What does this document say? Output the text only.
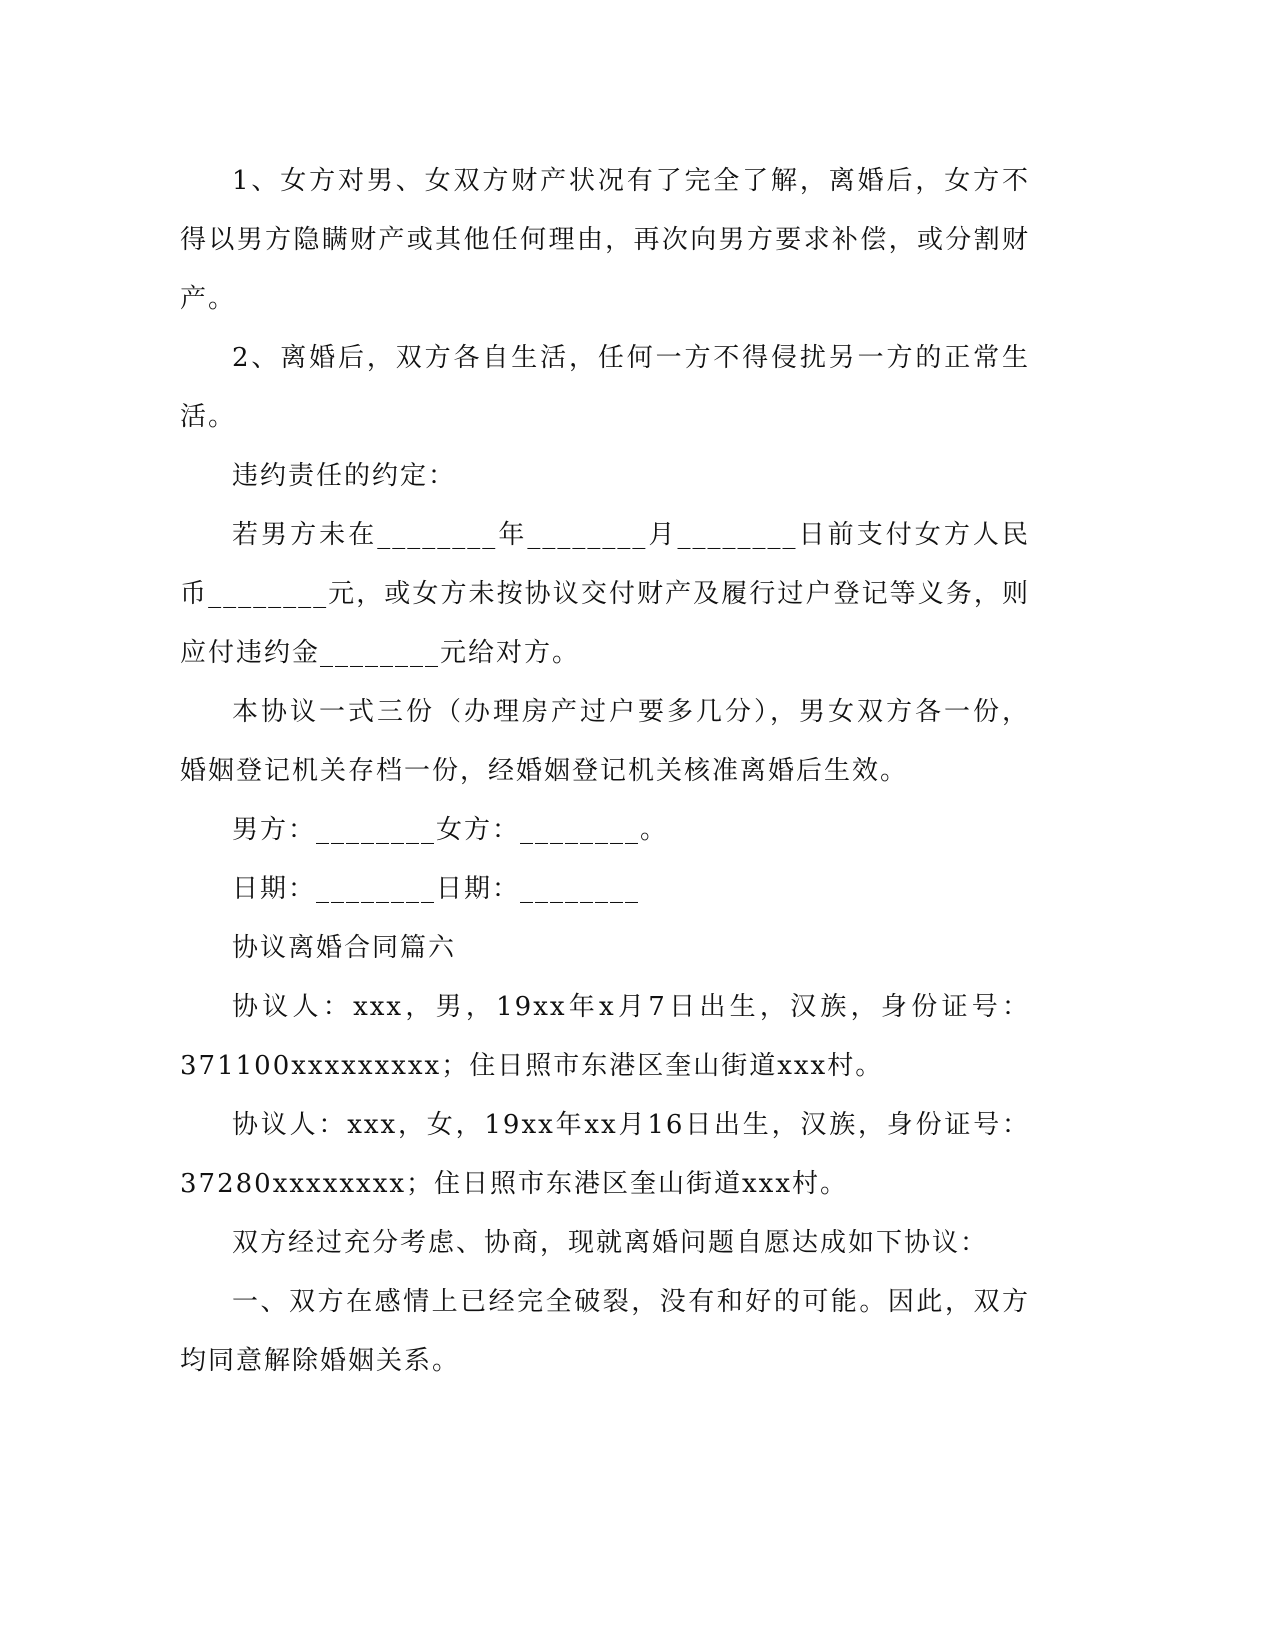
1、女方对男、女双方财产状况有了完全了解，离婚后，女方不得以男方隐瞒财产或其他任何理由，再次向男方要求补偿，或分割财产。

2、离婚后，双方各自生活，任何一方不得侵扰另一方的正常生活。

违约责任的约定：

若男方未在________年________月________日前支付女方人民币________元，或女方未按协议交付财产及履行过户登记等义务，则应付违约金________元给对方。

本协议一式三份（办理房产过户要多几分），男女双方各一份，婚姻登记机关存档一份，经婚姻登记机关核准离婚后生效。

男方：________女方：________。

日期：________日期：________

协议离婚合同篇六

协议人：xxx，男，19xx年x月7日出生，汉族，身份证号：371100xxxxxxxxx；住日照市东港区奎山街道xxx村。

协议人：xxx，女，19xx年xx月16日出生，汉族，身份证号：37280xxxxxxxx；住日照市东港区奎山街道xxx村。

双方经过充分考虑、协商，现就离婚问题自愿达成如下协议：

一、双方在感情上已经完全破裂，没有和好的可能。因此，双方均同意解除婚姻关系。
